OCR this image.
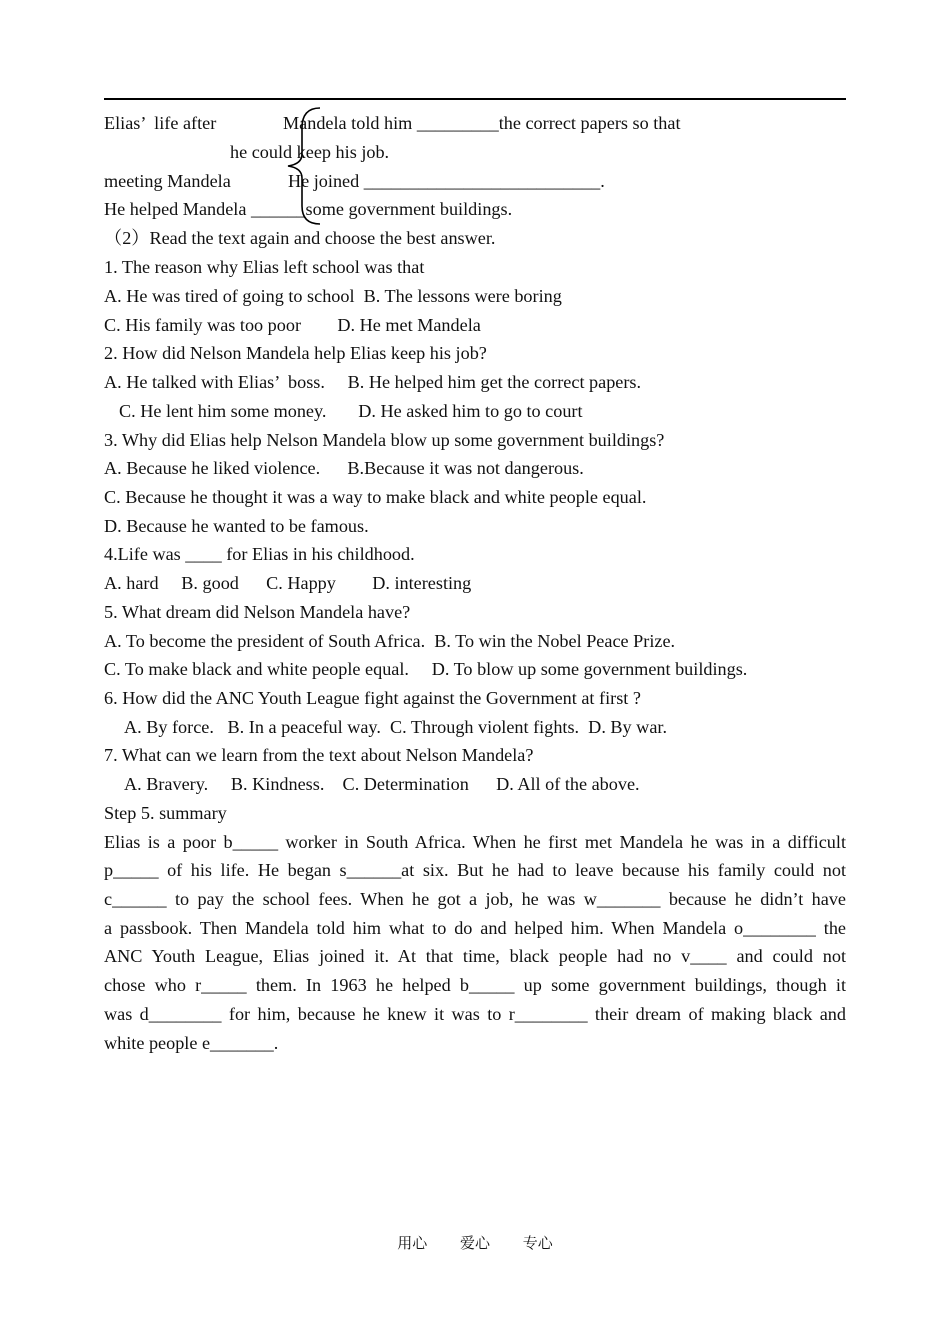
Elias’  life after	Mandela told him _________the correct papers so that
he could keep his job.
meeting Mandela	He joined __________________________.
He helped Mandela ______some government buildings.
（2）Read the text again and choose the best answer.
1. The reason why Elias left school was that
A. He was tired of going to school  B. The lessons were boring
C. His family was too poor        D. He met Mandela
2. How did Nelson Mandela help Elias keep his job?
A. He talked with Elias’  boss.     B. He helped him get the correct papers.
C. He lent him some money.       D. He asked him to go to court
3. Why did Elias help Nelson Mandela blow up some government buildings?
A. Because he liked violence.      B.Because it was not dangerous.
C. Because he thought it was a way to make black and white people equal.
D. Because he wanted to be famous.
4.Life was ____ for Elias in his childhood.
A. hard     B. good      C. Happy        D. interesting
5. What dream did Nelson Mandela have?
A. To become the president of South Africa.  B. To win the Nobel Peace Prize.
C. To make black and white people equal.     D. To blow up some government buildings.
6. How did the ANC Youth League fight against the Government at first ?
A. By force.   B. In a peaceful way.  C. Through violent fights.  D. By war.
7. What can we learn from the text about Nelson Mandela?
A. Bravery.     B. Kindness.    C. Determination      D. All of the above.
Step 5. summary
Elias is a poor b_____ worker in South Africa. When he first met Mandela he was in a difficult
p_____ of his life. He began s______at six. But he had to leave because his family could not
c______ to pay the school fees. When he got a job, he was w_______ because he didn’t have
a passbook. Then Mandela told him what to do and helped him. When Mandela o________ the
ANC Youth League, Elias joined it. At that time, black people had no v____ and could not
chose who r_____ them. In 1963 he helped b_____ up some government buildings, though it
was d________ for him, because he knew it was to r________ their dream of making black and
white people e_______.
用心 爱心 专心
